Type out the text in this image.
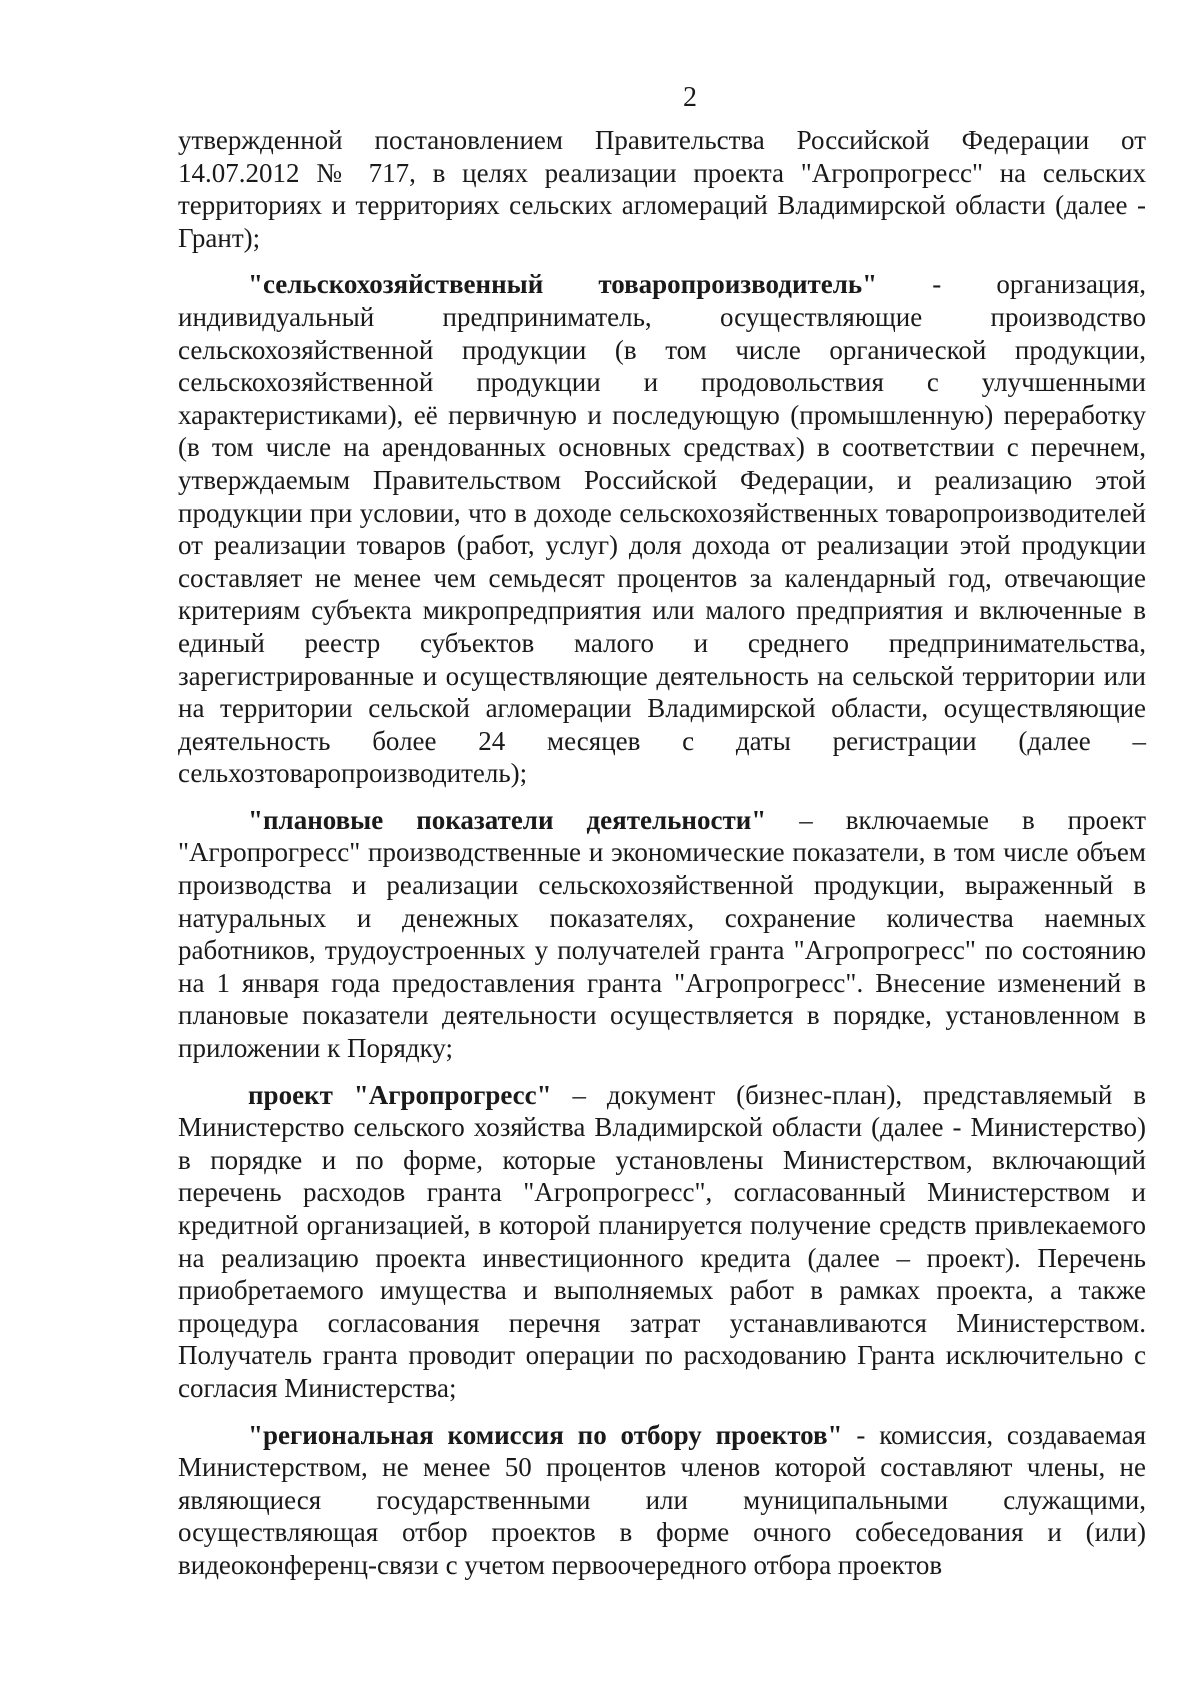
2

утвержденной постановлением Правительства Российской Федерации от 14.07.2012 № 717, в целях реализации проекта "Агропрогресс" на сельских территориях и территориях сельских агломераций Владимирской области (далее - Грант);

"сельскохозяйственный товаропроизводитель" - организация, индивидуальный предприниматель, осуществляющие производство сельскохозяйственной продукции (в том числе органической продукции, сельскохозяйственной продукции и продовольствия с улучшенными характеристиками), её первичную и последующую (промышленную) переработку (в том числе на арендованных основных средствах) в соответствии с перечнем, утверждаемым Правительством Российской Федерации, и реализацию этой продукции при условии, что в доходе сельскохозяйственных товаропроизводителей от реализации товаров (работ, услуг) доля дохода от реализации этой продукции составляет не менее чем семьдесят процентов за календарный год, отвечающие критериям субъекта микропредприятия или малого предприятия и включенные в единый реестр субъектов малого и среднего предпринимательства, зарегистрированные и осуществляющие деятельность на сельской территории или на территории сельской агломерации Владимирской области, осуществляющие деятельность более 24 месяцев с даты регистрации (далее – сельхозтоваропроизводитель);

"плановые показатели деятельности" – включаемые в проект "Агропрогресс" производственные и экономические показатели, в том числе объем производства и реализации сельскохозяйственной продукции, выраженный в натуральных и денежных показателях, сохранение количества наемных работников, трудоустроенных у получателей гранта "Агропрогресс" по состоянию на 1 января года предоставления гранта "Агропрогресс". Внесение изменений в плановые показатели деятельности осуществляется в порядке, установленном в приложении к Порядку;

проект "Агропрогресс" – документ (бизнес-план), представляемый в Министерство сельского хозяйства Владимирской области (далее - Министерство) в порядке и по форме, которые установлены Министерством, включающий перечень расходов гранта "Агропрогресс", согласованный Министерством и кредитной организацией, в которой планируется получение средств привлекаемого на реализацию проекта инвестиционного кредита (далее – проект). Перечень приобретаемого имущества и выполняемых работ в рамках проекта, а также процедура согласования перечня затрат устанавливаются Министерством. Получатель гранта проводит операции по расходованию Гранта исключительно с согласия Министерства;

"региональная комиссия по отбору проектов" - комиссия, создаваемая Министерством, не менее 50 процентов членов которой составляют члены, не являющиеся государственными или муниципальными служащими, осуществляющая отбор проектов в форме очного собеседования и (или) видеоконференц-связи с учетом первоочередного отбора проектов
